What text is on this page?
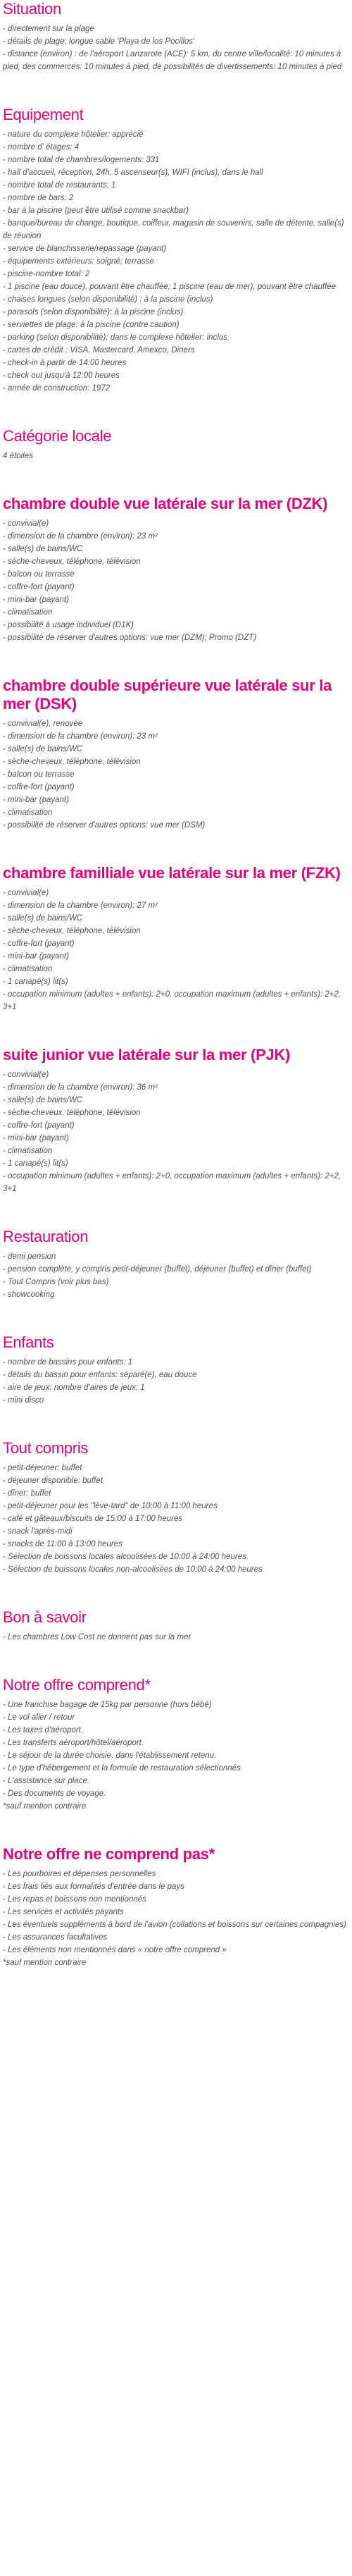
Situation
- directement sur la plage
- détails de plage: longue sable 'Playa de los Pocillos'
- distance (environ) : de l'aéroport Lanzarote (ACE): 5 km, du centre ville/localité: 10 minutes à pied, des commerces: 10 minutes à pied, de possibilités de divertissements: 10 minutes à pied
Equipement
- nature du complexe hôtelier: apprécié
- nombre d' étages: 4
- nombre total de chambres/logements: 331
- hall d'accueil, réception, 24h, 5 ascenseur(s), WIFI (inclus), dans le hall
- nombre total de restaurants: 1
- nombre de bars: 2
- bar à la piscine (peut être utilisé comme snackbar)
- banque/bureau de change, boutique, coiffeur, magasin de souvenirs, salle de détente, salle(s) de réunion
- service de blanchisserie/repassage (payant)
- équipements extérieurs: soigné; terrasse
- piscine-nombre total: 2
- 1 piscine (eau douce), pouvant être chauffée; 1 piscine (eau de mer), pouvant être chauffée
- chaises longues (selon disponibilité) : à la piscine (inclus)
- parasols (selon disponibilité): à la piscine (inclus)
- serviettes de plage: à la piscine (contre caution)
- parking (selon disponibilité): dans le complexe hôtelier: inclus
- cartes de crédit : VISA, Mastercard, Amexco, Diners
- check-in à partir de 14:00 heures
- check out jusqu'à 12:00 heures
- année de construction: 1972
Catégorie locale
4 étoiles
chambre double vue latérale sur la mer (DZK)
- convivial(e)
- dimension de la chambre (environ): 23 m²
- salle(s) de bains/WC
- sèche-cheveux, téléphone, télévision
- balcon ou terrasse
- coffre-fort (payant)
- mini-bar (payant)
- climatisation
- possibilité à usage individuel (D1K)
- possibilité de réserver d'autres options: vue mer (DZM); Promo (DZT)
chambre double supérieure vue latérale sur la mer (DSK)
- convivial(e), renovée
- dimension de la chambre (environ): 23 m²
- salle(s) de bains/WC
- sèche-cheveux, téléphone, télévision
- balcon ou terrasse
- coffre-fort (payant)
- mini-bar (payant)
- climatisation
- possibilité de réserver d'autres options: vue mer (DSM)
chambre familliale vue latérale sur la mer (FZK)
- convivial(e)
- dimension de la chambre (environ): 27 m²
- salle(s) de bains/WC
- sèche-cheveux, téléphone, télévision
- coffre-fort (payant)
- mini-bar (payant)
- climatisation
- 1 canapé(s) lit(s)
- occupation minimum (adultes + enfants): 2+0, occupation maximum (adultes + enfants): 2+2, 3+1
suite junior vue latérale sur la mer (PJK)
- convivial(e)
- dimension de la chambre (environ): 36 m²
- salle(s) de bains/WC
- sèche-cheveux, téléphone, télévision
- coffre-fort (payant)
- mini-bar (payant)
- climatisation
- 1 canapé(s) lit(s)
- occupation minimum (adultes + enfants): 2+0, occupation maximum (adultes + enfants): 2+2, 3+1
Restauration
- demi pension
- pension complète, y compris petit-déjeuner (buffet), déjeuner (buffet) et dîner (buffet)
- Tout Compris (voir plus bas)
- showcooking
Enfants
- nombre de bassins pour enfants: 1
- détails du bassin pour enfants: séparé(e), eau douce
- aire de jeux: nombre d'aires de jeux: 1
- mini disco
Tout compris
- petit-déjeuner: buffet
- déjeuner disponible: buffet
- dîner: buffet
- petit-déjeuner pour les "lève-tard" de 10:00 à 11:00 heures
- café et gâteaux/biscuits de 15:00 à 17:00 heures
- snack l'après-midi
- snacks de 11:00 à 13:00 heures
- Sélection de boissons locales alcoolisées de 10:00 à 24:00 heures
- Sélection de boissons locales non-alcoolisées de 10:00 à 24:00 heures
Bon à savoir
- Les chambres Low Cost ne donnent pas sur la mer
Notre offre comprend*
- Une franchise bagage de 15kg par personne (hors bébé)
- Le vol aller / retour
- Les taxes d'aéroport.
- Les transferts aéroport/hôtel/aéroport.
- Le séjour de la durée choisie, dans l'établissement retenu.
- Le type d'hébergement et la formule de restauration sélectionnés.
- L'assistance sur place.
- Des documents de voyage.
*sauf mention contraire
Notre offre ne comprend pas*
- Les pourboires et dépenses personnelles
- Les frais liés aux formalités d'entrée dans le pays
- Les repas et boissons non mentionnés
- Les services et activités payants
- Les éventuels suppléments à bord de l'avion (collations et boissons sur certaines compagnies)
- Les assurances facultatives
- Les éléments non mentionnés dans « notre offre comprend »
*sauf mention contraire
